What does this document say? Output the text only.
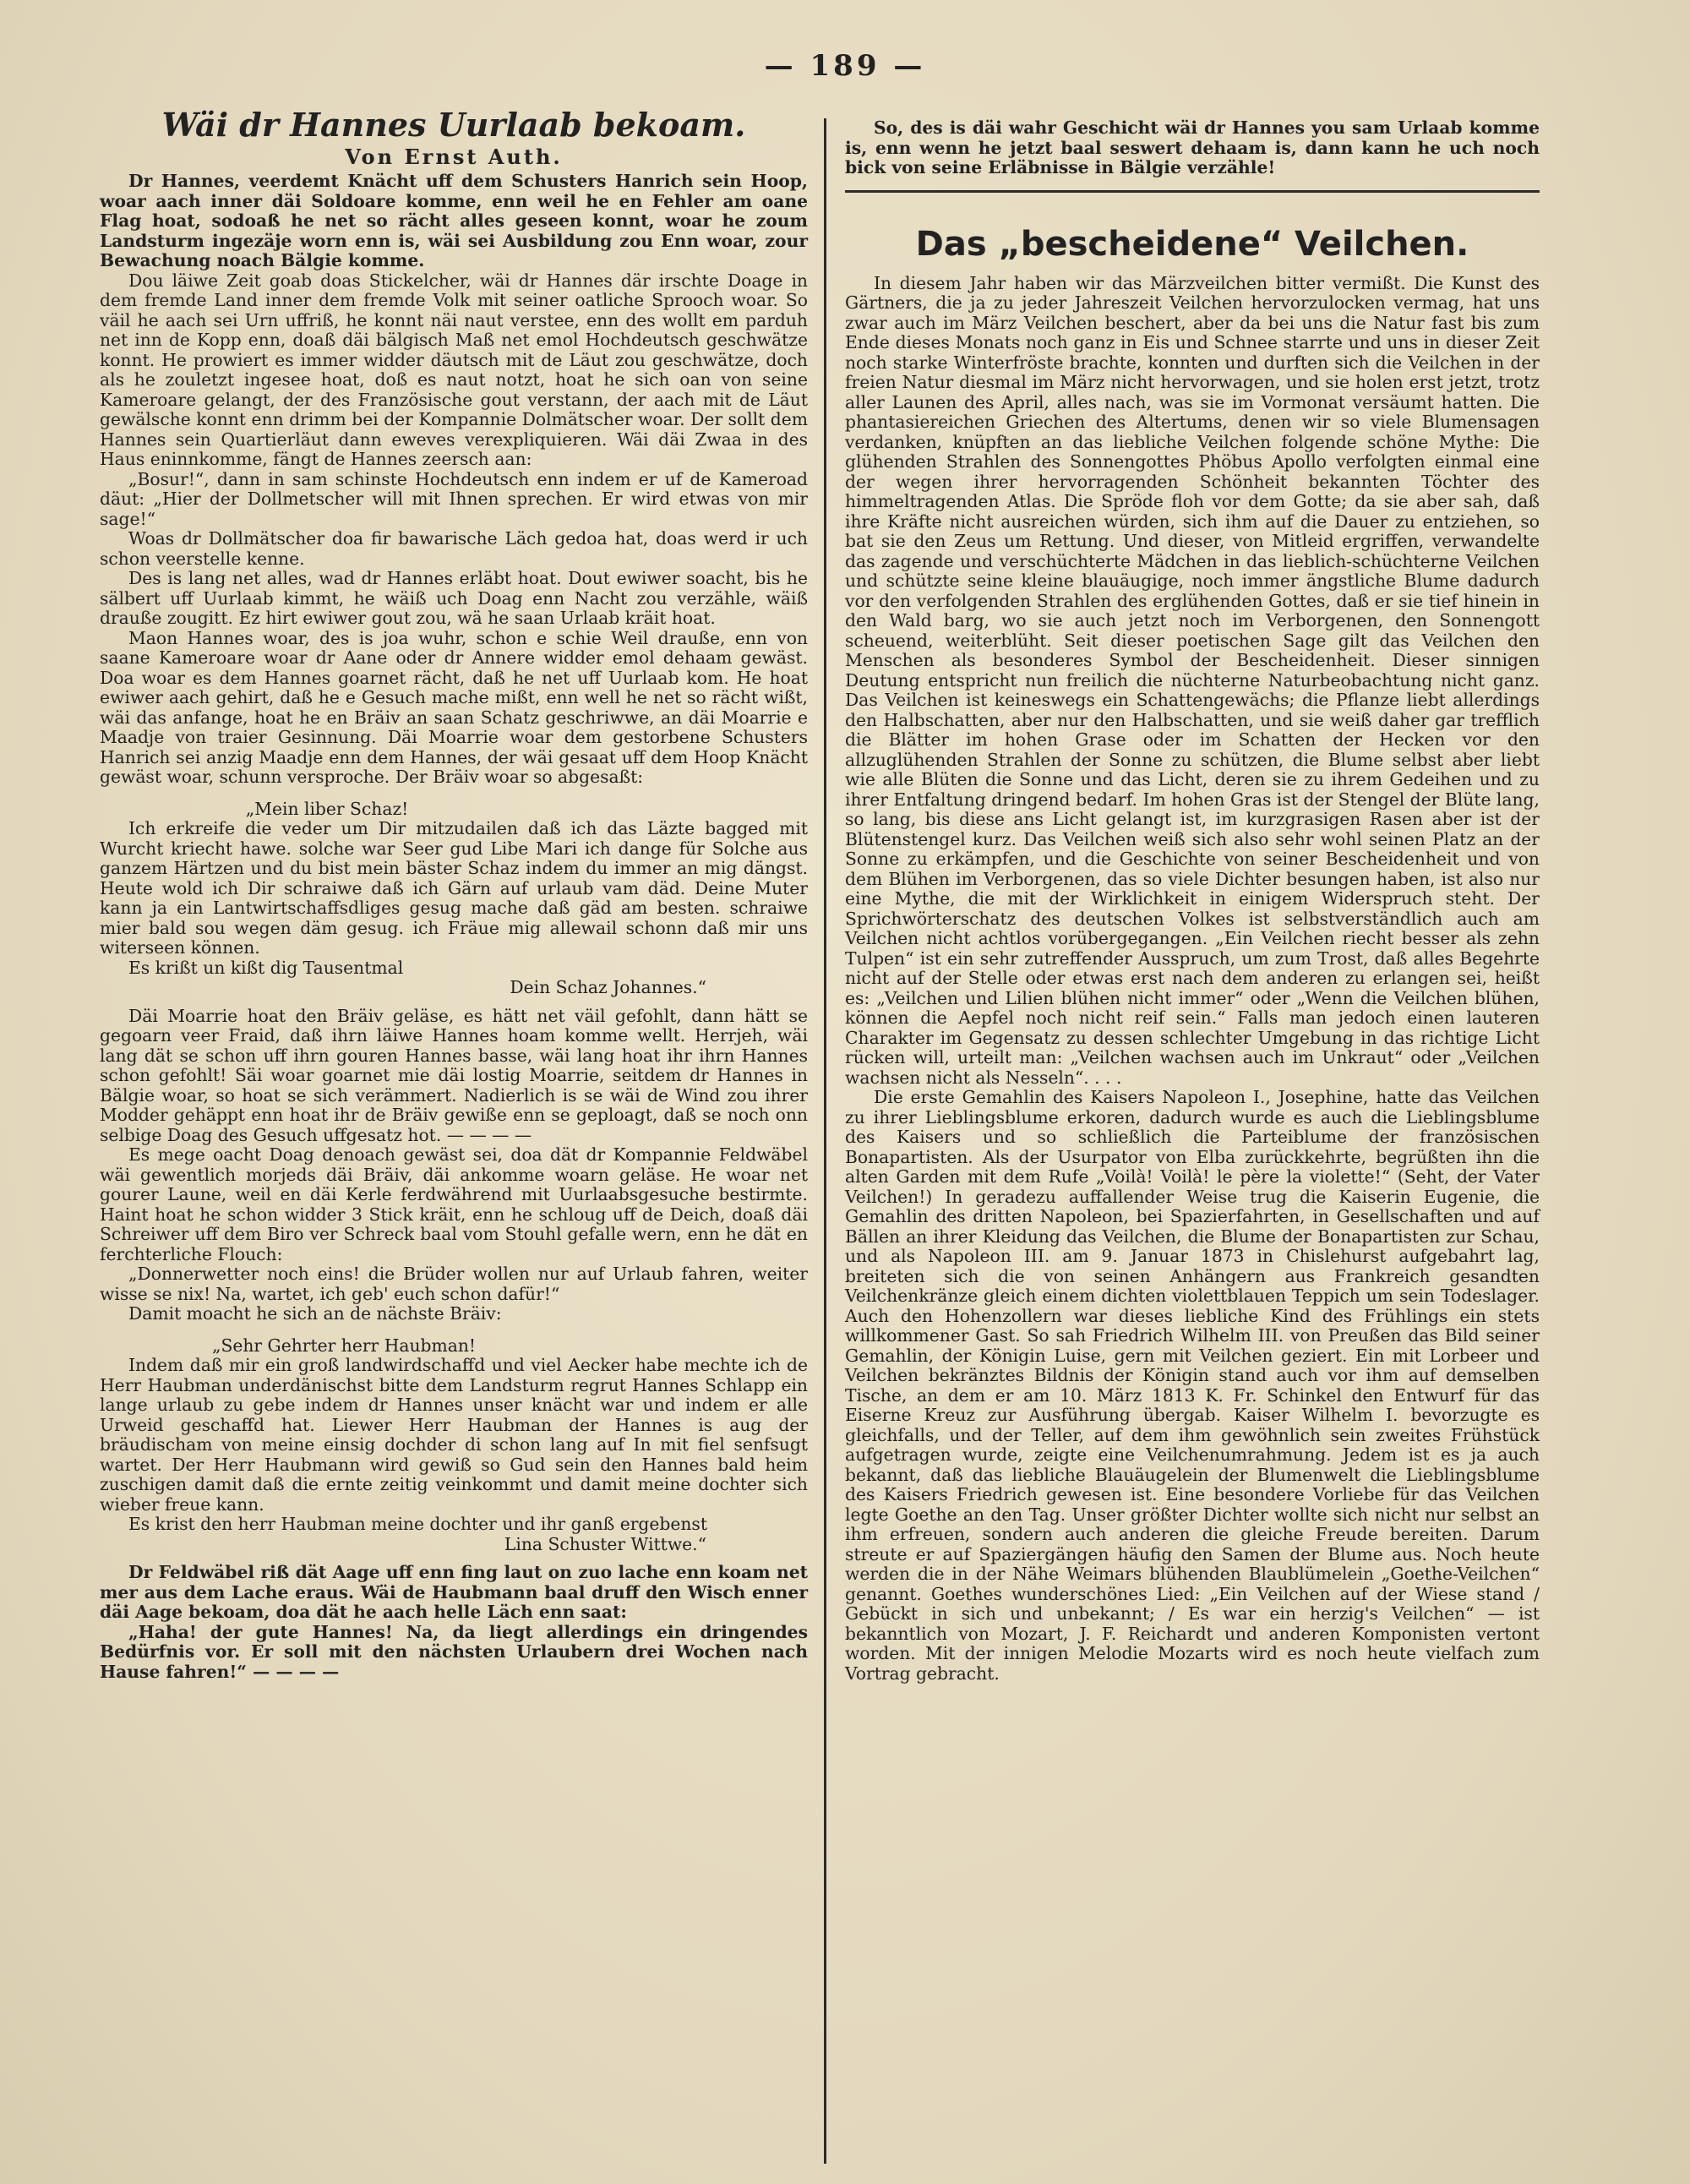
— 189 —
Wäi dr Hannes Uurlaab bekoam.
Von Ernst Auth.

Dr Hannes, veerdemt Knächt uff dem Schusters Hanrich sein Hoop, woar aach inner däi Soldoare komme, enn weil he en Fehler am oane Flag hoat, sodoaß he net so rächt alles geseen konnt, woar he zoum Landsturm ingezäje worn enn is, wäi sei Ausbildung zou Enn woar, zour Bewachung noach Bälgie komme.

Dou läiwe Zeit goab doas Stickelcher, wäi dr Hannes där irschte Doage in dem fremde Land inner dem fremde Volk mit seiner oatliche Sprooch woar. So väil he aach sei Urn uffriß, he konnt näi naut versteе, enn des wollt em parduh net inn de Kopp enn, doaß däi bälgisch Maß net emol Hochdeutsch geschwätze konnt. He prowiert es immer widder däutsch mit de Läut zou geschwätze, doch als he zouletzt ingeseе hoat, doß es naut notzt, hoat he sich oan von seine Kameroare gelangt, der des Französische gout verstann, der aach mit de Läut gewälsche konnt enn drimm bei der Kompannie Dolmätscher woar. Der sollt dem Hannes sein Quartierläut dann eweves verexpliquieren. Wäi däi Zwaa in des Haus eninnkomme, fängt de Hannes zeersch aan:

„Bosur!“, dann in sam schinste Hochdeutsch enn indem er uf de Kameroad däut: „Hier der Dollmetscher will mit Ihnen sprechen. Er wird etwas von mir sage!“

Woas dr Dollmätscher doa fir bawarische Läch gedoa hat, doas werd ir uch schon veerstelle kenne.

Des is lang net alles, wad dr Hannes erläbt hoat. Dout ewiwer soacht, bis he sälbert uff Uurlaab kimmt, he wäiß uch Doag enn Nacht zou verzähle, wäiß drauße zougitt. Ez hirt ewiwer gout zou, wä he saan Urlaab kräit hoat.

Maon Hannes woar, des is joa wuhr, schon e schie Weil drauße, enn von saane Kameroare woar dr Aane oder dr Annere widder emol dehaam gewäst. Doa woar es dem Hannes goarnet rächt, daß he net uff Uurlaab kom. He hoat ewiwer aach gehirt, daß he e Gesuch mache mißt, enn well he net so rächt wißt, wäi das anfange, hoat he en Bräiv an saan Schatz geschriwwe, an däi Moarrie e Maadje von traier Gesinnung. Däi Moarrie woar dem gestorbene Schusters Hanrich sei anzig Maadje enn dem Hannes, der wäi gesaat uff dem Hoop Knächt gewäst woar, schunn versprochе. Der Bräiv woar so abgesaßt:

„Mein liber Schaz!

Ich erkreife die veder um Dir mitzudailen daß ich das Läzte bagged mit Wurcht kriecht hawe. solche war Seer gud Libe Mari ich dange für Solche aus ganzem Härtzen und du bist mein bäster Schaz indem du immer an mig dängst. Heute wold ich Dir schraiwe daß ich Gärn auf urlaub vam däd. Deine Muter kann ja ein Lantwirtschaffsdliges gesug mache daß gäd am besten. schraiwe mier bald sou wegen däm gesug. ich Fräue mig allewail schonn daß mir uns witerseen können.

Es krißt un kißt dig Tausentmal

Dein Schaz Johannes.“

Däi Moarrie hoat den Bräiv geläse, es hätt net väil gefohlt, dann hätt se gegoarn veer Fraid, daß ihrn läiwe Hannes hoam komme wellt. Herrjeh, wäi lang dät se schon uff ihrn gouren Hannes basse, wäi lang hoat ihr ihrn Hannes schon gefohlt! Säi woar goarnet mie däi lostig Moarrie, seitdem dr Hannes in Bälgie woar, so hoat se sich verämmert. Nadierlich is se wäi de Wind zou ihrer Modder gehäppt enn hoat ihr de Bräiv gewiße enn se geploagt, daß se noch onn selbige Doag des Gesuch uffgesatz hot. — — — —

Es mege oacht Doag denoach gewäst sei, doa dät dr Kompannie Feldwäbel wäi gewentlich morjeds däi Bräiv, däi ankomme woarn geläse. He woar net gourer Laune, weil en däi Kerle ferdwährend mit Uurlaabsgesuche bestirmte. Haint hoat he schon widder 3 Stick kräit, enn he schloug uff de Deich, doaß däi Schreiwer uff dem Biro ver Schreck baal vom Stouhl gefalle wern, enn he dät en ferchterliche Flouch:

„Donnerwetter noch eins! die Brüder wollen nur auf Urlaub fahren, weiter wisse se nix! Na, wartet, ich geb' euch schon dafür!“

Damit moacht he sich an de nächste Bräiv:

„Sehr Gehrter herr Haubman!

Indem daß mir ein groß landwirdschaffd und viel Aecker habe mechte ich de Herr Haubman underdänischst bitte dem Landsturm regrut Hannes Schlapp ein lange urlaub zu gebe indem dr Hannes unser knächt war und indem er alle Urweid geschaffd hat. Liewer Herr Haubman der Hannes is aug der bräudischam von meine einsig dochder di schon lang auf In mit fiel senfsugt wartet. Der Herr Haubmann wird gewiß so Gud sein den Hannes bald heim zuschigen damit daß die ernte zeitig veinkommt und damit meine dochter sich wieber freue kann.

Es krist den herr Haubman meine dochter und ihr ganß ergebenst

Lina Schuster Wittwe.“

Dr Feldwäbel riß dät Aage uff enn fing laut on zuo lache enn koam net mer aus dem Lache eraus. Wäi de Haubmann baal druff den Wisch enner däi Aage bekoam, doa dät he aach helle Läch enn saat:

„Haha! der gute Hannes! Na, da liegt allerdings ein dringendes Bedürfnis vor. Er soll mit den nächsten Urlaubern drei Wochen nach Hause fahren!“ — — — —

So, des is däi wahr Geschicht wäi dr Hannes you sam Urlaab komme is, enn wenn he jetzt baal seswert dehaam is, dann kann he uch noch bick von seine Erläbnisse in Bälgie verzähle!

Das „bescheidene“ Veilchen.

In diesem Jahr haben wir das Märzveilchen bitter vermißt. Die Kunst des Gärtners, die ja zu jeder Jahreszeit Veilchen hervorzulocken vermag, hat uns zwar auch im März Veilchen beschert, aber da bei uns die Natur fast bis zum Ende dieses Monats noch ganz in Eis und Schnee starrte und uns in dieser Zeit noch starke Winterfröste brachte, konnten und durften sich die Veilchen in der freien Natur diesmal im März nicht hervorwagen, und sie holen erst jetzt, trotz aller Launen des April, alles nach, was sie im Vormonat versäumt hatten. Die phantasiereichen Griechen des Altertums, denen wir so viele Blumensagen verdanken, knüpften an das liebliche Veilchen folgende schöne Mythe: Die glühenden Strahlen des Sonnengottes Phöbus Apollo verfolgten einmal eine der wegen ihrer hervorragenden Schönheit bekannten Töchter des himmeltragenden Atlas. Die Spröde floh vor dem Gotte; da sie aber sah, daß ihre Kräfte nicht ausreichen würden, sich ihm auf die Dauer zu entziehen, so bat sie den Zeus um Rettung. Und dieser, von Mitleid ergriffen, verwandelte das zagende und verschüchterte Mädchen in das lieblich-schüchterne Veilchen und schützte seine kleine blauäugige, noch immer ängstliche Blume dadurch vor den verfolgenden Strahlen des erglühenden Gottes, daß er sie tief hinein in den Wald barg, wo sie auch jetzt noch im Verborgenen, den Sonnengott scheuend, weiterblüht. Seit dieser poetischen Sage gilt das Veilchen den Menschen als besonderes Symbol der Bescheidenheit. Dieser sinnigen Deutung entspricht nun freilich die nüchterne Naturbeobachtung nicht ganz. Das Veilchen ist keineswegs ein Schattengewächs; die Pflanze liebt allerdings den Halbschatten, aber nur den Halbschatten, und sie weiß daher gar trefflich die Blätter im hohen Grase oder im Schatten der Hecken vor den allzuglühenden Strahlen der Sonne zu schützen, die Blume selbst aber liebt wie alle Blüten die Sonne und das Licht, deren sie zu ihrem Gedeihen und zu ihrer Entfaltung dringend bedarf. Im hohen Gras ist der Stengel der Blüte lang, so lang, bis diese ans Licht gelangt ist, im kurzgrasigen Rasen aber ist der Blütenstengel kurz. Das Veilchen weiß sich also sehr wohl seinen Platz an der Sonne zu erkämpfen, und die Geschichte von seiner Bescheidenheit und von dem Blühen im Verborgenen, das so viele Dichter besungen haben, ist also nur eine Mythe, die mit der Wirklichkeit in einigem Widerspruch steht. Der Sprichwörterschatz des deutschen Volkes ist selbstverständlich auch am Veilchen nicht achtlos vorübergegangen. „Ein Veilchen riecht besser als zehn Tulpen“ ist ein sehr zutreffender Ausspruch, um zum Trost, daß alles Begehrte nicht auf der Stelle oder etwas erst nach dem anderen zu erlangen sei, heißt es: „Veilchen und Lilien blühen nicht immer“ oder „Wenn die Veilchen blühen, können die Aepfel noch nicht reif sein.“ Falls man jedoch einen lauteren Charakter im Gegensatz zu dessen schlechter Umgebung in das richtige Licht rücken will, urteilt man: „Veilchen wachsen auch im Unkraut“ oder „Veilchen wachsen nicht als Nesseln“. . . .

Die erste Gemahlin des Kaisers Napoleon I., Josephine, hatte das Veilchen zu ihrer Lieblingsblume erkoren, dadurch wurde es auch die Lieblingsblume des Kaisers und so schließlich die Parteiblume der französischen Bonapartisten. Als der Usurpator von Elba zurückkehrte, begrüßten ihn die alten Garden mit dem Rufe „Voilà! Voilà! le père la violette!“ (Seht, der Vater Veilchen!) In geradezu auffallender Weise trug die Kaiserin Eugenie, die Gemahlin des dritten Napoleon, bei Spazierfahrten, in Gesellschaften und auf Bällen an ihrer Kleidung das Veilchen, die Blume der Bonapartisten zur Schau, und als Napoleon III. am 9. Januar 1873 in Chislehurst aufgebahrt lag, breiteten sich die von seinen Anhängern aus Frankreich gesandten Veilchenkränze gleich einem dichten violettblauen Teppich um sein Todeslager. Auch den Hohenzollern war dieses liebliche Kind des Frühlings ein stets willkommener Gast. So sah Friedrich Wilhelm III. von Preußen das Bild seiner Gemahlin, der Königin Luise, gern mit Veilchen geziert. Ein mit Lorbeer und Veilchen bekränztes Bildnis der Königin stand auch vor ihm auf demselben Tische, an dem er am 10. März 1813 K. Fr. Schinkel den Entwurf für das Eiserne Kreuz zur Ausführung übergab. Kaiser Wilhelm I. bevorzugte es gleichfalls, und der Teller, auf dem ihm gewöhnlich sein zweites Frühstück aufgetragen wurde, zeigte eine Veilchenumrahmung. Jedem ist es ja auch bekannt, daß das liebliche Blauäugelein der Blumenwelt die Lieblingsblume des Kaisers Friedrich gewesen ist. Eine besondere Vorliebe für das Veilchen legte Goethe an den Tag. Unser größter Dichter wollte sich nicht nur selbst an ihm erfreuen, sondern auch anderen die gleiche Freude bereiten. Darum streute er auf Spaziergängen häufig den Samen der Blume aus. Noch heute werden die in der Nähe Weimars blühenden Blaublümelein „Goethe-Veilchen“ genannt. Goethes wunderschönes Lied: „Ein Veilchen auf der Wiese stand / Gebückt in sich und unbekannt; / Es war ein herzig's Veilchen“ — ist bekanntlich von Mozart, J. F. Reichardt und anderen Komponisten vertont worden. Mit der innigen Melodie Mozarts wird es noch heute vielfach zum Vortrag gebracht.
